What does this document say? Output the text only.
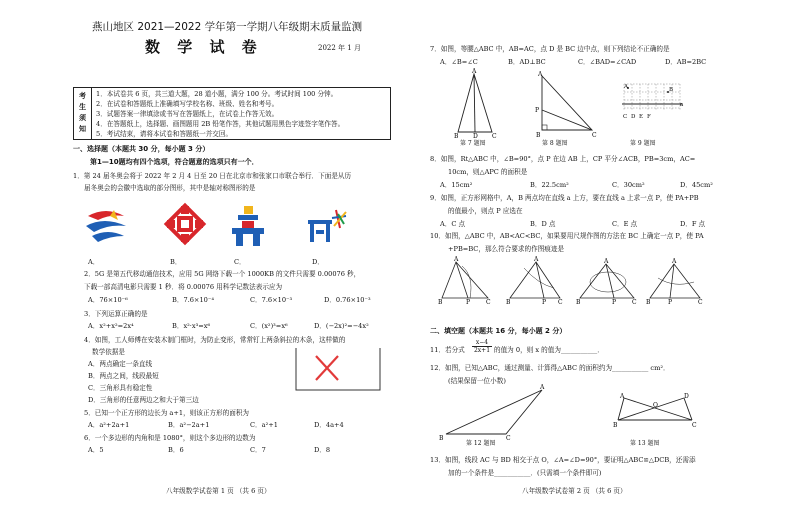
燕山地区 2021—2022 学年第一学期八年级期末质量监测
数 学 试 卷	2022 年 1 月
考
生
须
知
1．本试卷共 6 页，共三道大题，28 道小题，满分 100 分。考试时间 100 分钟。
2．在试卷和答题纸上准确填写学校名称、班级、姓名和考号。
3．试题答案一律填涂或书写在答题纸上，在试卷上作答无效。
4．在答题纸上，选择题、画图题用 2B 铅笔作答，其他试题用黑色字迹签字笔作答。
5．考试结束，请将本试卷和答题纸一并交回。
一、选择题（本题共 30 分，每小题 3 分）
第1—10题均有四个选项，符合题意的选项只有一个．
1．第 24 届冬奥会将于 2022 年 2 月 4 日至 20 日在北京市和张家口市联合举行．下面是从历
届冬奥会的会徽中选取的部分图形，其中是轴对称图形的是
A．	B．	C．	D．
2．5G 是第五代移动通信技术，应用 5G 网络下载一个 1000KB 的文件只需要 0.00076 秒，
下载一部高清电影只需要 1 秒．将 0.00076 用科学记数法表示应为
A．76×10⁻⁶	B．7.6×10⁻⁴	C．7.6×10⁻³	D．0.76×10⁻³
3．下列运算正确的是
A．x²+x²=2x⁴	B．x²·x³=x⁶	C．(x²)³=x⁶	D．(−2x)²=−4x²
4．如图，工人师傅在安装木制门框时，为防止变形，常常钉上两条斜拉的木条，这样做的
数学依据是
A．两点确定一条直线
B．两点之间，线段最短
C．三角形具有稳定性
D．三角形的任意两边之和大于第三边
5．已知一个正方形的边长为 a+1，则该正方形的面积为
A．a²+2a+1	B．a²−2a+1	C．a²+1	D．4a+4
6．一个多边形的内角和是 1080°，则这个多边形的边数为
A．5	B．6	C．7	D．8
八年级数学试卷第 1 页 （共 6 页）
7．如图，等腰△ABC 中，AB=AC，点 D 是 BC 边中点，则下列结论不正确的是
A．∠B=∠C	B．AD⊥BC	C．∠BAD=∠CAD	D．AB=2BC
A
B D C
第 7 题图
A
P
B	C
第 8 题图
A	B
a
C D E F
第 9 题图
8．如图，Rt△ABC 中，∠B=90°，点 P 在边 AB 上，CP 平分∠ACB，PB=3cm，AC=
10cm，则△APC 的面积是
A．15cm²	B．22.5cm²	C．30cm²	D．45cm²
9．如图，正方形网格中，A，B 两点均在直线 a 上方，要在直线 a 上求一点 P，使 PA+PB
的值最小，则点 P 应选在
A．C 点	B．D 点	C．E 点	D．F 点
10．如图，△ABC 中，AB<AC<BC，如果要用尺规作图的方法在 BC 上确定一点 P，使 PA
+PB=BC，那么符合要求的作图痕迹是
A
B	P	C
A
B	P C
A
B	P	C
A
B	P	C
二、填空题（本题共 16 分，每小题 2 分）
11．若分式
x−4
2x+1 的值为 0，则 x 的值为___________．
12．如图，已知△ABC，通过测量、计算得△ABC 的面积约为___________ cm²．
(结果保留一位小数)
A
B	C
第 12 题图
A	D
O
B	C
第 13 题图
13．如图，线段 AC 与 BD 相交于点 O，∠A=∠D=90°，要证明△ABC≌△DCB，还需添
加的一个条件是___________．(只需填一个条件即可)
八年级数学试卷第 2 页 （共 6 页）
